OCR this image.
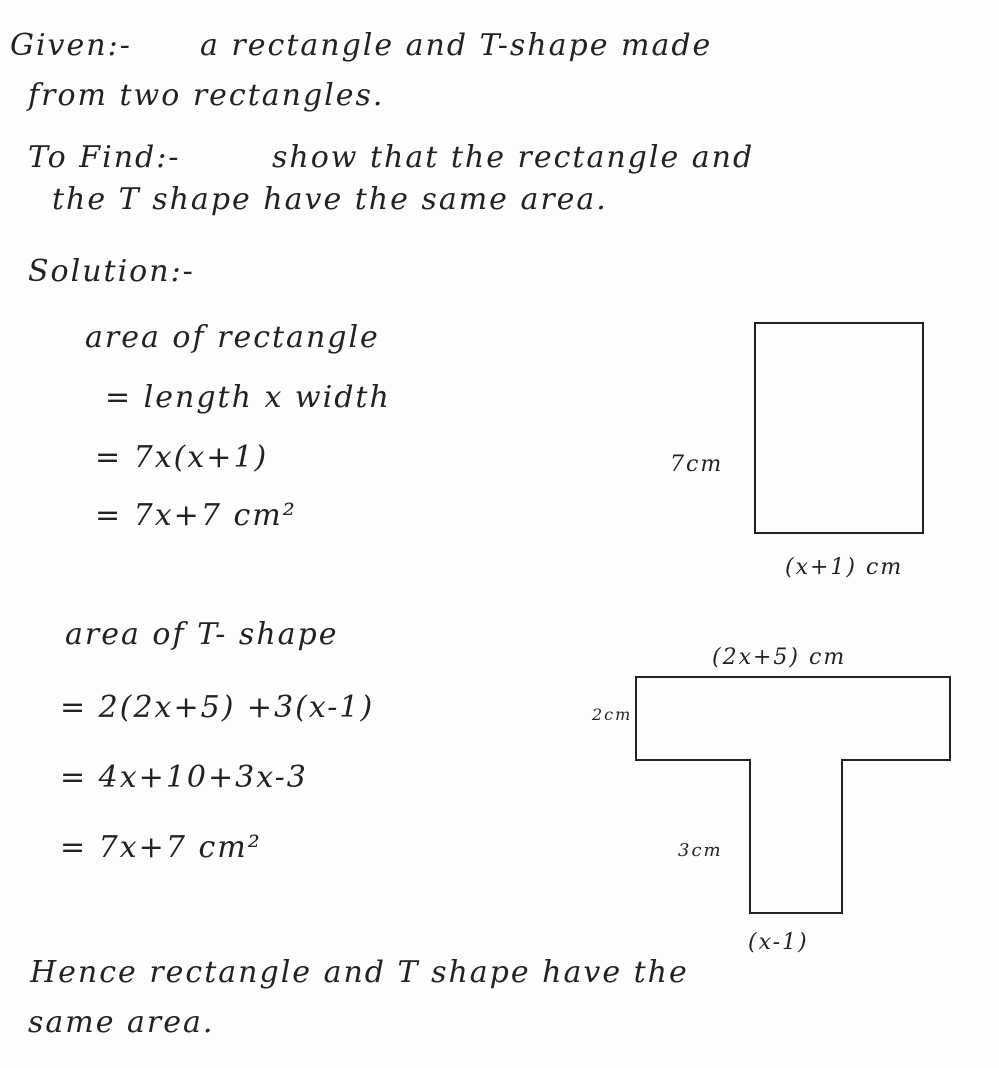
Given:- a rectangle and T-shape made
from two rectangles.
To Find:-	show that the rectangle and
the T shape have the same area.
Solution:-
area of rectangle
= length x width
= 7x(x+1)
= 7x+7 cm²
7cm
(x+1) cm
area of T- shape
= 2(2x+5) +3(x-1)
= 4x+10+3x-3
= 7x+7 cm²
(2x+5) cm
2cm
3cm
(x-1)
Hence rectangle and T shape have the
same area.
